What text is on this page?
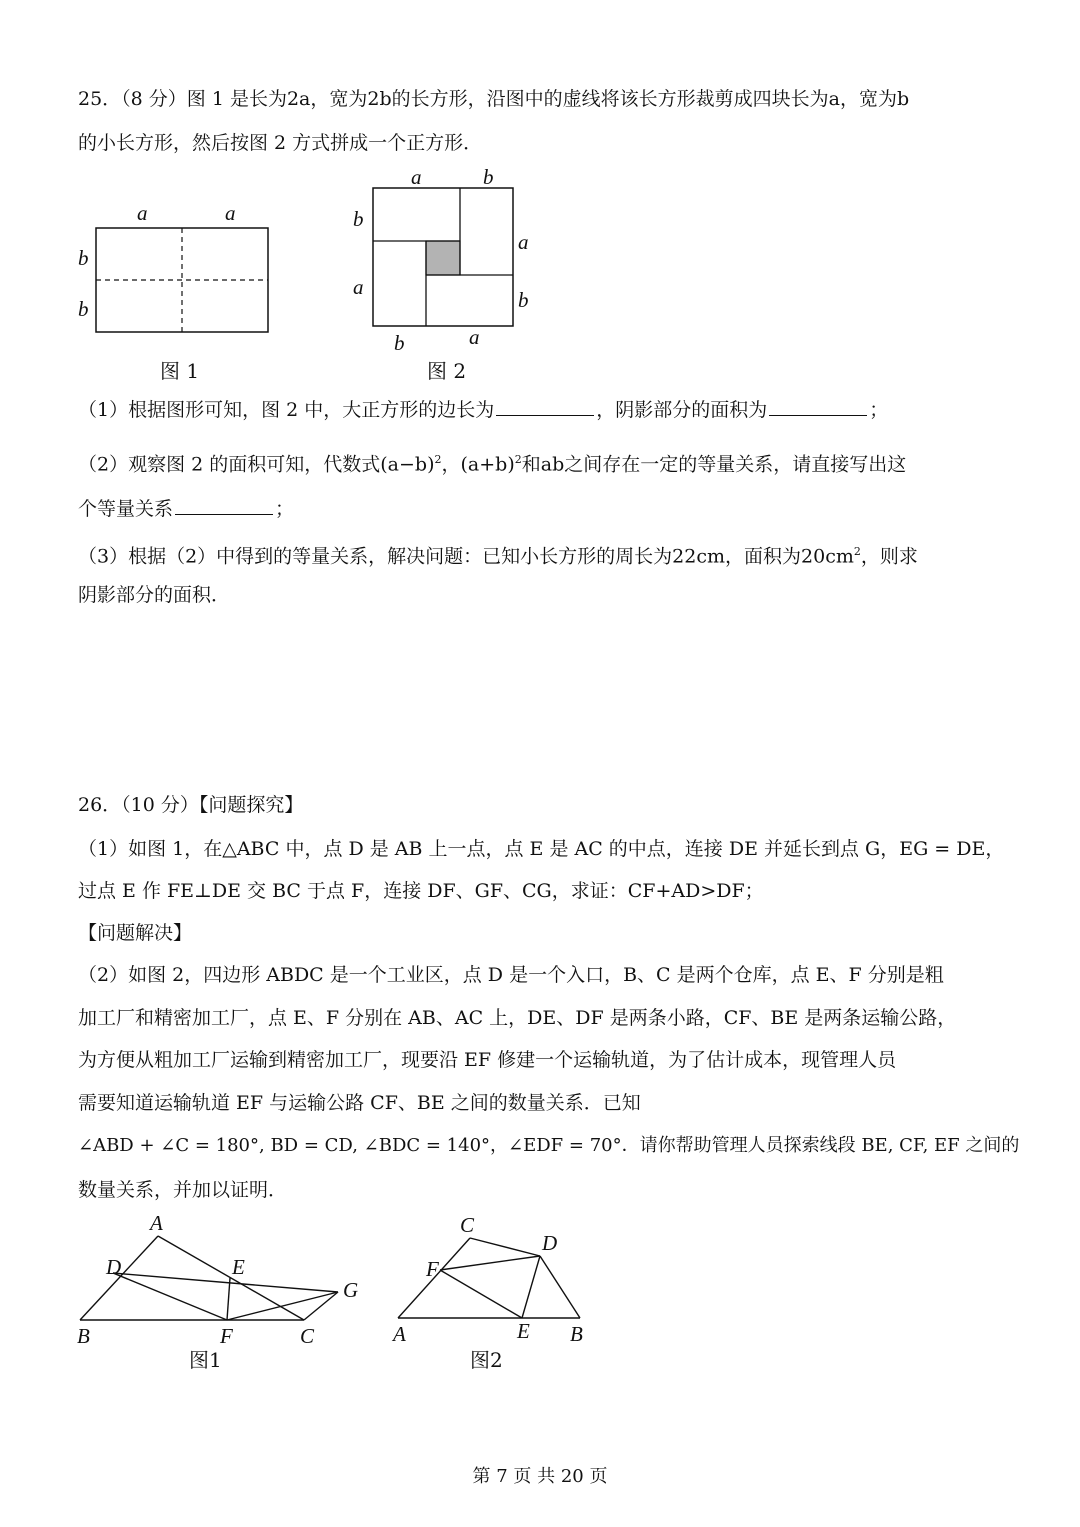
25．（8 分）图 1 是长为2a，宽为2b的长方形，沿图中的虚线将该长方形裁剪成四块长为a，宽为b
的小长方形，然后按图 2 方式拼成一个正方形．
a	a
b
b
图 1
a	b
b
a
a
b
b	a
图 2
（1）根据图形可知，图 2 中，大正方形的边长为	，阴影部分的面积为	；
（2）观察图 2 的面积可知，代数式$(a-b)^2$，$(a+b)^2$和ab之间存在一定的等量关系，请直接写出这
个等量关系	；
（3）根据（2）中得到的等量关系，解决问题：已知小长方形的周长为22cm，面积为$20cm^2$，则求
阴影部分的面积．
26．（10 分）【问题探究】
（1）如图 1，在△ABC 中，点 D 是 AB 上一点，点 E 是 AC 的中点，连接 DE 并延长到点 G，EG = DE，
过点 E 作 FE⊥DE 交 BC 于点 F，连接 DF、GF、CG，求证：CF+AD>DF；
【问题解决】
（2）如图 2，四边形 ABDC 是一个工业区，点 D 是一个入口，B、C 是两个仓库，点 E、F 分别是粗
加工厂和精密加工厂，点 E、F 分别在 AB、AC 上，DE、DF 是两条小路，CF、BE 是两条运输公路，
为方便从粗加工厂运输到精密加工厂，现要沿 EF 修建一个运输轨道，为了估计成本，现管理人员
需要知道运输轨道 EF 与运输公路 CF、BE 之间的数量关系．已知
∠ABD + ∠C = 180°, BD = CD, ∠BDC = 140°，∠EDF = 70°．请你帮助管理人员探索线段 BE, CF, EF 之间的
数量关系，并加以证明．
A
D	E
G
B	F	C
图1
C
D
F
A	E B
图2
第 7 页 共 20 页
